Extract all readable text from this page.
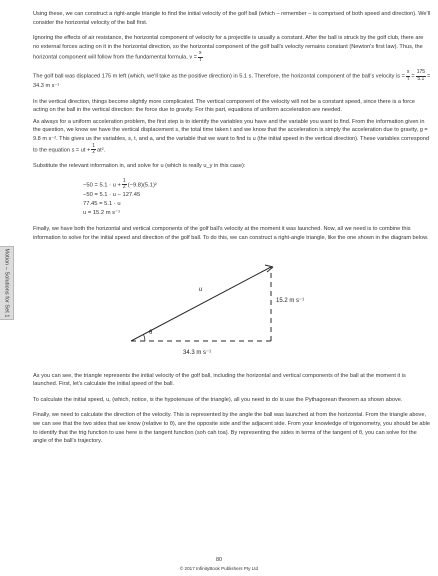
Motion – Solutions for Set 1

Using these, we can construct a right-angle triangle to find the initial velocity of the golf ball (which – remember – is comprised of both speed and direction). We'll consider the horizontal velocity of the ball first.

Ignoring the effects of air resistance, the horizontal component of velocity for a projectile is usually a constant. After the ball is struck by the golf club, there are no external forces acting on it in the horizontal direction, so the horizontal component of the golf ball's velocity remains constant (Newton's first law). Thus, the horizontal component will follow from the fundamental formula, $v = \frac{x}{t}$

The golf ball was displaced 175 m left (which, we'll take as the positive direction) in 5.1 s. Therefore, the horizontal component of the ball's velocity is = $\frac{x}{t} = \frac{175}{5.1} = 34.3$ m s⁻¹

In the vertical direction, things become slightly more complicated. The vertical component of the velocity will not be a constant speed, since there is a force acting on the ball in the vertical direction: the force due to gravity. For this part, equations of uniform acceleration are needed.

As always for a uniform acceleration problem, the first step is to identify the variables you have and the variable you want to find. From the information given in the question, we know we have the vertical displacement s, the total time taken t and we know that the acceleration is simply the acceleration due to gravity, g = 9.8 m s⁻². This gives us the variables, s, t, and a, and the variable that we want to find is u (the initial speed in the vertical direction). These variables correspond to the equation s = ut + $\frac{1}{2} at^2$.

Substitute the relevant information in, and solve for u (which is really u_y in this case):

$-50 = 5.1 \cdot u + \frac{1}{2} (-9.8)(5.1)^2$
−50 = 5.1 · u − 127.45
77.45 = 5.1 · u
u = 15.2 m s⁻¹

Finally, we have both the horizontal and vertical components of the golf ball's velocity at the moment it was launched. Now, all we need is to combine this information to solve for the initial speed and direction of the golf ball. To do this, we can construct a right-angle triangle, like the one shown in the diagram below.

u
15.2 m s⁻¹
θ
34.3 m s⁻¹

As you can see, the triangle represents the initial velocity of the golf ball, including the horizontal and vertical components of the ball at the moment it is launched. First, let's calculate the initial speed of the ball.

To calculate the initial speed, u, (which, notice, is the hypotenuse of the triangle), all you need to do is use the Pythagorean theorem as shown above.

Finally, we need to calculate the direction of the velocity. This is represented by the angle the ball was launched at from the horizontal. From the triangle above, we can see that the two sides that we know (relative to θ), are the opposite side and the adjacent side. From your knowledge of trigonometry, you should be able to identify that the trig function to use here is the tangent function (soh cah toa). By representing the sides in terms of the tangent of θ, you can solve for the angle of the ball's trajectory.

80
© 2017 InfinityBook Publishers Pty Ltd
